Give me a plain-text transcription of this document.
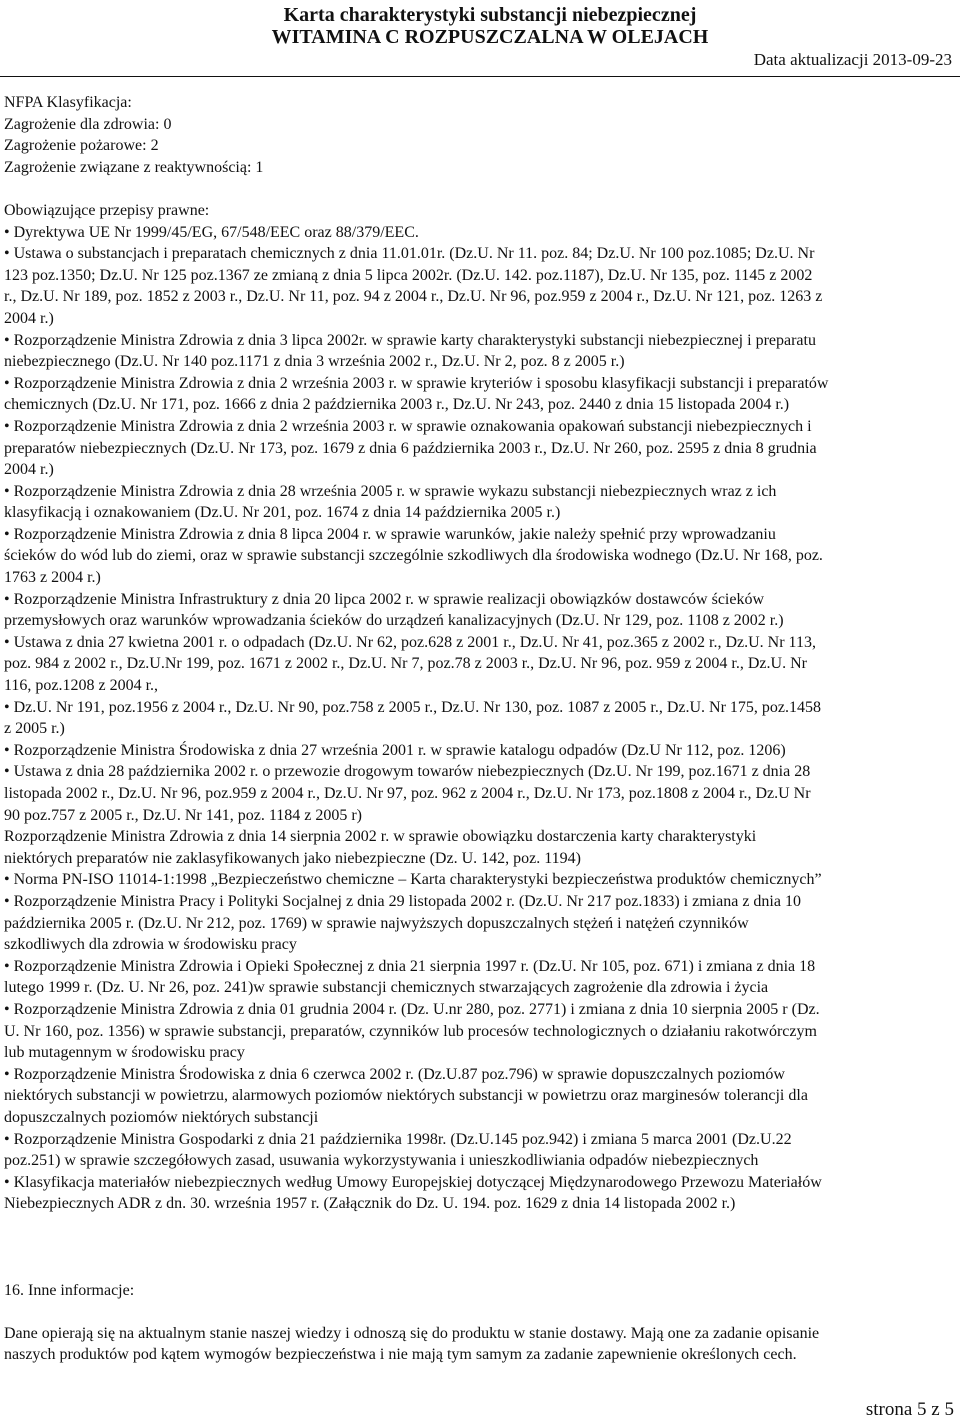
Karta charakterystyki substancji niebezpiecznej
WITAMINA C ROZPUSZCZALNA W OLEJACH
Data aktualizacji 2013-09-23
NFPA Klasyfikacja:
Zagrożenie dla zdrowia: 0
Zagrożenie pożarowe: 2
Zagrożenie związane z reaktywnością: 1
Obowiązujące przepisy prawne:
• Dyrektywa UE Nr 1999/45/EG, 67/548/EEC oraz 88/379/EEC.
• Ustawa o substancjach i preparatach chemicznych z dnia 11.01.01r. (Dz.U. Nr 11. poz. 84; Dz.U. Nr 100 poz.1085; Dz.U. Nr
123 poz.1350; Dz.U. Nr 125 poz.1367 ze zmianą z dnia 5 lipca 2002r. (Dz.U. 142. poz.1187), Dz.U. Nr 135, poz. 1145 z 2002
r., Dz.U. Nr 189, poz. 1852 z 2003 r., Dz.U. Nr 11, poz. 94 z 2004 r., Dz.U. Nr 96, poz.959 z 2004 r., Dz.U. Nr 121, poz. 1263 z
2004 r.)
• Rozporządzenie Ministra Zdrowia z dnia 3 lipca 2002r. w sprawie karty charakterystyki substancji niebezpiecznej i preparatu
niebezpiecznego (Dz.U. Nr 140 poz.1171 z dnia 3 września 2002 r., Dz.U. Nr 2, poz. 8 z 2005 r.)
• Rozporządzenie Ministra Zdrowia z dnia 2 września 2003 r. w sprawie kryteriów i sposobu klasyfikacji substancji i preparatów
chemicznych (Dz.U. Nr 171, poz. 1666 z dnia 2 października 2003 r., Dz.U. Nr 243, poz. 2440 z dnia 15 listopada 2004 r.)
• Rozporządzenie Ministra Zdrowia z dnia 2 września 2003 r. w sprawie oznakowania opakowań substancji niebezpiecznych i
preparatów niebezpiecznych (Dz.U. Nr 173, poz. 1679 z dnia 6 października 2003 r., Dz.U. Nr 260, poz. 2595 z dnia 8 grudnia
2004 r.)
• Rozporządzenie Ministra Zdrowia z dnia 28 września 2005 r. w sprawie wykazu substancji niebezpiecznych wraz z ich
klasyfikacją i oznakowaniem (Dz.U. Nr 201, poz. 1674 z dnia 14 października 2005 r.)
• Rozporządzenie Ministra Zdrowia z dnia 8 lipca 2004 r. w sprawie warunków, jakie należy spełnić przy wprowadzaniu
ścieków do wód lub do ziemi, oraz w sprawie substancji szczególnie szkodliwych dla środowiska wodnego (Dz.U. Nr 168, poz.
1763 z 2004 r.)
• Rozporządzenie Ministra Infrastruktury z dnia 20 lipca 2002 r. w sprawie realizacji obowiązków dostawców ścieków
przemysłowych oraz warunków wprowadzania ścieków do urządzeń kanalizacyjnych (Dz.U. Nr 129, poz. 1108 z 2002 r.)
• Ustawa z dnia 27 kwietna 2001 r. o odpadach (Dz.U. Nr 62, poz.628 z 2001 r., Dz.U. Nr 41, poz.365 z 2002 r., Dz.U. Nr 113,
poz. 984 z 2002 r., Dz.U.Nr 199, poz. 1671 z 2002 r., Dz.U. Nr 7, poz.78 z 2003 r., Dz.U. Nr 96, poz. 959 z 2004 r., Dz.U. Nr
116, poz.1208 z 2004 r.,
• Dz.U. Nr 191, poz.1956 z 2004 r., Dz.U. Nr 90, poz.758 z 2005 r., Dz.U. Nr 130, poz. 1087 z 2005 r., Dz.U. Nr 175, poz.1458
z 2005 r.)
• Rozporządzenie Ministra Środowiska z dnia 27 września 2001 r. w sprawie katalogu odpadów (Dz.U Nr 112, poz. 1206)
• Ustawa z dnia 28 października 2002 r. o przewozie drogowym towarów niebezpiecznych (Dz.U. Nr 199, poz.1671 z dnia 28
listopada 2002 r., Dz.U. Nr 96, poz.959 z 2004 r., Dz.U. Nr 97, poz. 962 z 2004 r., Dz.U. Nr 173, poz.1808 z 2004 r., Dz.U Nr
90 poz.757 z 2005 r., Dz.U. Nr 141, poz. 1184 z 2005 r)
Rozporządzenie Ministra Zdrowia z dnia 14 sierpnia 2002 r. w sprawie obowiązku dostarczenia karty charakterystyki
niektórych preparatów nie zaklasyfikowanych jako niebezpieczne (Dz. U. 142, poz. 1194)
• Norma PN-ISO 11014-1:1998 „Bezpieczeństwo chemiczne – Karta charakterystyki bezpieczeństwa produktów chemicznych”
• Rozporządzenie Ministra Pracy i Polityki Socjalnej z dnia 29 listopada 2002 r. (Dz.U. Nr 217 poz.1833) i zmiana z dnia 10
października 2005 r. (Dz.U. Nr 212, poz. 1769) w sprawie najwyższych dopuszczalnych stężeń i natężeń czynników
szkodliwych dla zdrowia w środowisku pracy
• Rozporządzenie Ministra Zdrowia i Opieki Społecznej z dnia 21 sierpnia 1997 r. (Dz.U. Nr 105, poz. 671) i zmiana z dnia 18
lutego 1999 r. (Dz. U. Nr 26, poz. 241)w sprawie substancji chemicznych stwarzających zagrożenie dla zdrowia i życia
• Rozporządzenie Ministra Zdrowia z dnia 01 grudnia 2004 r. (Dz. U.nr 280, poz. 2771) i zmiana z dnia 10 sierpnia 2005 r (Dz.
U. Nr 160, poz. 1356) w sprawie substancji, preparatów, czynników lub procesów technologicznych o działaniu rakotwórczym
lub mutagennym w środowisku pracy
• Rozporządzenie Ministra Środowiska z dnia 6 czerwca 2002 r. (Dz.U.87 poz.796) w sprawie dopuszczalnych poziomów
niektórych substancji w powietrzu, alarmowych poziomów niektórych substancji w powietrzu oraz marginesów tolerancji dla
dopuszczalnych poziomów niektórych substancji
• Rozporządzenie Ministra Gospodarki z dnia 21 października 1998r. (Dz.U.145 poz.942) i zmiana 5 marca 2001 (Dz.U.22
poz.251) w sprawie szczegółowych zasad, usuwania wykorzystywania i unieszkodliwiania odpadów niebezpiecznych
• Klasyfikacja materiałów niebezpiecznych według Umowy Europejskiej dotyczącej Międzynarodowego Przewozu Materiałów
Niebezpiecznych ADR z dn. 30. września 1957 r. (Załącznik do Dz. U. 194. poz. 1629 z dnia 14 listopada 2002 r.)
16. Inne informacje:
Dane opierają się na aktualnym stanie naszej wiedzy i odnoszą się do produktu w stanie dostawy. Mają one za zadanie opisanie
naszych produktów pod kątem wymogów bezpieczeństwa i nie mają tym samym za zadanie zapewnienie określonych cech.
strona 5 z 5
